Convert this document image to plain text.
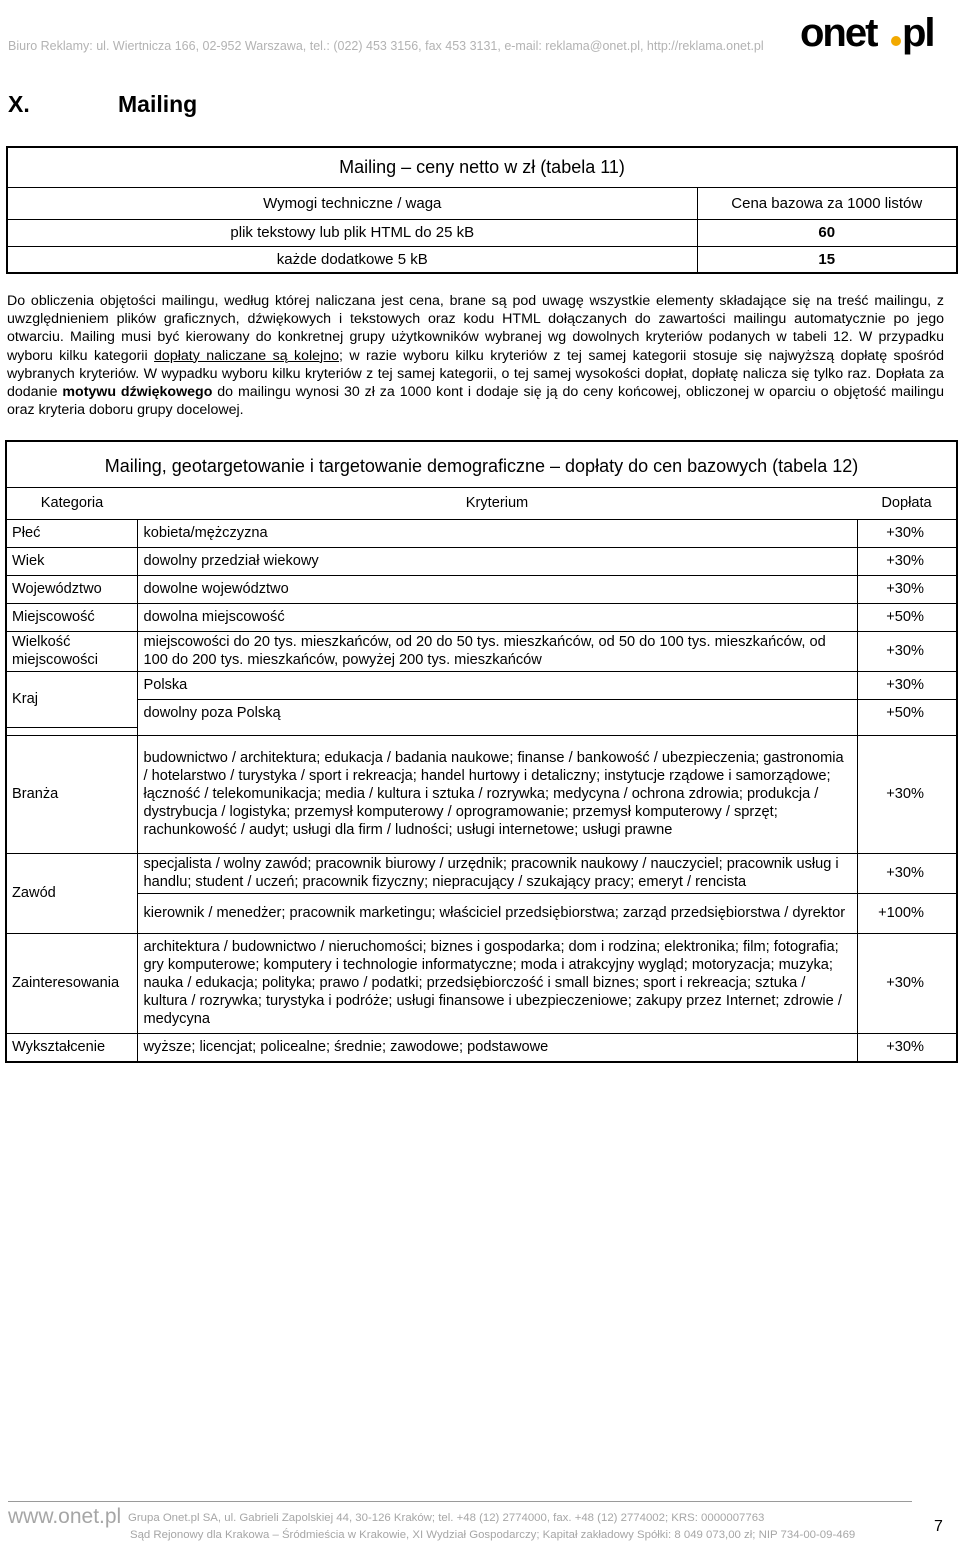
Biuro Reklamy: ul. Wiertnicza 166, 02-952 Warszawa, tel.: (022) 453 3156, fax 453 3131, e-mail: reklama@onet.pl, http://reklama.onet.pl onet pl
X.	Mailing
Mailing – ceny netto w zł (tabela 11)	
Wymogi techniczne / waga	Cena bazowa za 1000 listów
plik tekstowy lub plik HTML do 25 kB	60
każde dodatkowe 5 kB	15

Do obliczenia objętości mailingu, według której naliczana jest cena, brane są pod uwagę wszystkie elementy składające się na treść mailingu, z uwzględnieniem plików graficznych, dźwiękowych i tekstowych oraz kodu HTML dołączanych do zawartości mailingu automatycznie po jego otwarciu. Mailing musi być kierowany do konkretnej grupy użytkowników wybranej wg dowolnych kryteriów podanych w tabeli 12. W przypadku wyboru kilku kategorii dopłaty naliczane są kolejno; w razie wyboru kilku kryteriów z tej samej kategorii stosuje się najwyższą dopłatę spośród wybranych kryteriów. W wypadku wyboru kilku kryteriów z tej samej kategorii, o tej samej wysokości dopłat, dopłatę nalicza się tylko raz. Dopłata za dodanie motywu dźwiękowego do mailingu wynosi 30 zł za 1000 kont i dodaje się ją do ceny końcowej, obliczonej w oparciu o objętość mailingu oraz kryteria doboru grupy docelowej.

Mailing, geotargetowanie i targetowanie demograficzne – dopłaty do cen bazowych (tabela 12)		
Kategoria	Kryterium	Dopłata
Płeć	kobieta/mężczyzna	+30%
Wiek	dowolny przedział wiekowy	+30%
Województwo	dowolne województwo	+30%
Miejscowość	dowolna miejscowość	+50%
Wielkość miejscowości	miejscowości do 20 tys. mieszkańców, od 20 do 50 tys. mieszkańców, od 50 do 100 tys. mieszkańców, od 100 do 200 tys. mieszkańców, powyżej 200 tys. mieszkańców	+30%
Kraj	Polska	+30%
	dowolny poza Polską	+50%

Branża	budownictwo / architektura; edukacja / badania naukowe; finanse / bankowość / ubezpieczenia; gastronomia / hotelarstwo / turystyka / sport i rekreacja; handel hurtowy i detaliczny; instytucje rządowe i samorządowe; łączność / telekomunikacja; media / kultura i sztuka / rozrywka; medycyna / ochrona zdrowia; produkcja / dystrybucja / logistyka; przemysł komputerowy / oprogramowanie; przemysł komputerowy / sprzęt; rachunkowość / audyt; usługi dla firm / ludności; usługi internetowe; usługi prawne	+30%
Zawód	specjalista / wolny zawód; pracownik biurowy / urzędnik; pracownik naukowy / nauczyciel; pracownik usług i handlu; student / uczeń; pracownik fizyczny; niepracujący / szukający pracy; emeryt / rencista	+30%
	kierownik / menedżer; pracownik marketingu; właściciel przedsiębiorstwa; zarząd przedsiębiorstwa / dyrektor	+100%
Zainteresowania	architektura / budownictwo / nieruchomości; biznes i gospodarka; dom i rodzina; elektronika; film; fotografia; gry komputerowe; komputery i technologie informatyczne; moda i atrakcyjny wygląd; motoryzacja; muzyka; nauka / edukacja; polityka; prawo / podatki; przedsiębiorczość i small biznes; sport i rekreacja; sztuka / kultura / rozrywka; turystyka i podróże; usługi finansowe i ubezpieczeniowe; zakupy przez Internet; zdrowie / medycyna	+30%
Wykształcenie	wyższe; licencjat; policealne; średnie; zawodowe; podstawowe	+30%
www.onet.pl Grupa Onet.pl SA, ul. Gabrieli Zapolskiej 44, 30-126 Kraków; tel. +48 (12) 2774000, fax. +48 (12) 2774002; KRS: 0000007763
Sąd Rejonowy dla Krakowa – Śródmieścia w Krakowie, XI Wydział Gospodarczy; Kapitał zakładowy Spółki: 8 049 073,00 zł; NIP 734-00-09-469	7
